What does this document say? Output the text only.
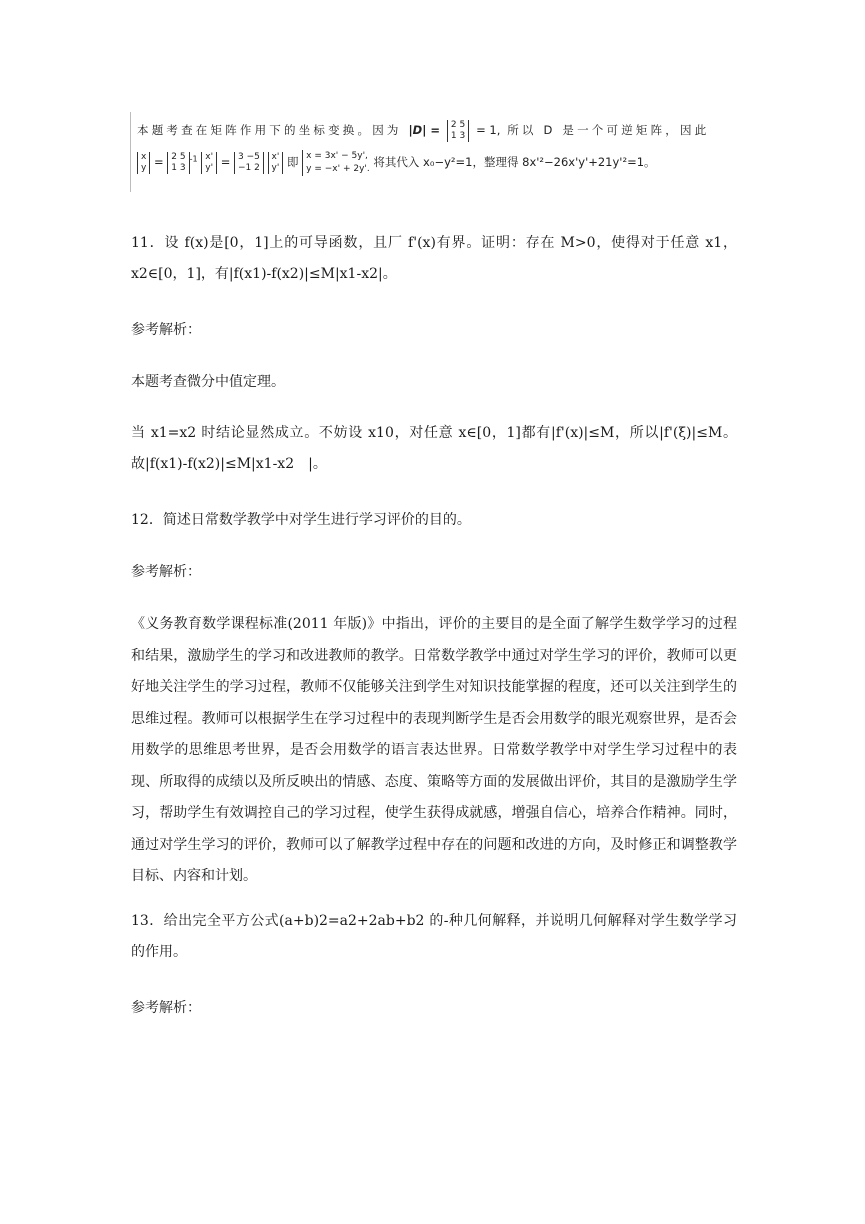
本题考查在矩阵作用下的坐标变换。因为 |D| = 2 5
1 3 = 1, 所以 D 是一个可逆矩阵，因此
x
y = 2 5
1 3
$^{-1}$ x'
y' = 3 −5
−1 2

x'
y' 即 x = 3x' − 5y',
y = −x' + 2y'. 将其代入 x₀−y²=1，整理得 8x'²−26x'y'+21y'²=1。

11．设 f(x)是[0，1]上的可导函数，且厂 f'(x)有界。证明：存在 M>0，使得对于任意 x1，x2∈[0，1]，有|f(x1)-f(x2)|≤M|x1-x2|。

参考解析：

本题考查微分中值定理。

当 x1=x2 时结论显然成立。不妨设 x10，对任意 x∈[0，1]都有|f'(x)|≤M，所以|f'(ξ)|≤M。故|f(x1)-f(x2)|≤M|x1-x2　|。

12．简述日常数学教学中对学生进行学习评价的目的。

参考解析：

《义务教育数学课程标准(2011 年版)》中指出，评价的主要目的是全面了解学生数学学习的过程和结果，激励学生的学习和改进教师的教学。日常数学教学中通过对学生学习的评价，教师可以更好地关注学生的学习过程，教师不仅能够关注到学生对知识技能掌握的程度，还可以关注到学生的思维过程。教师可以根据学生在学习过程中的表现判断学生是否会用数学的眼光观察世界，是否会用数学的思维思考世界，是否会用数学的语言表达世界。日常数学教学中对学生学习过程中的表现、所取得的成绩以及所反映出的情感、态度、策略等方面的发展做出评价，其目的是激励学生学习，帮助学生有效调控自己的学习过程，使学生获得成就感，增强自信心，培养合作精神。同时，通过对学生学习的评价，教师可以了解教学过程中存在的问题和改进的方向，及时修正和调整教学目标、内容和计划。

13．给出完全平方公式(a+b)2=a2+2ab+b2 的-种几何解释，并说明几何解释对学生数学学习的作用。

参考解析：
